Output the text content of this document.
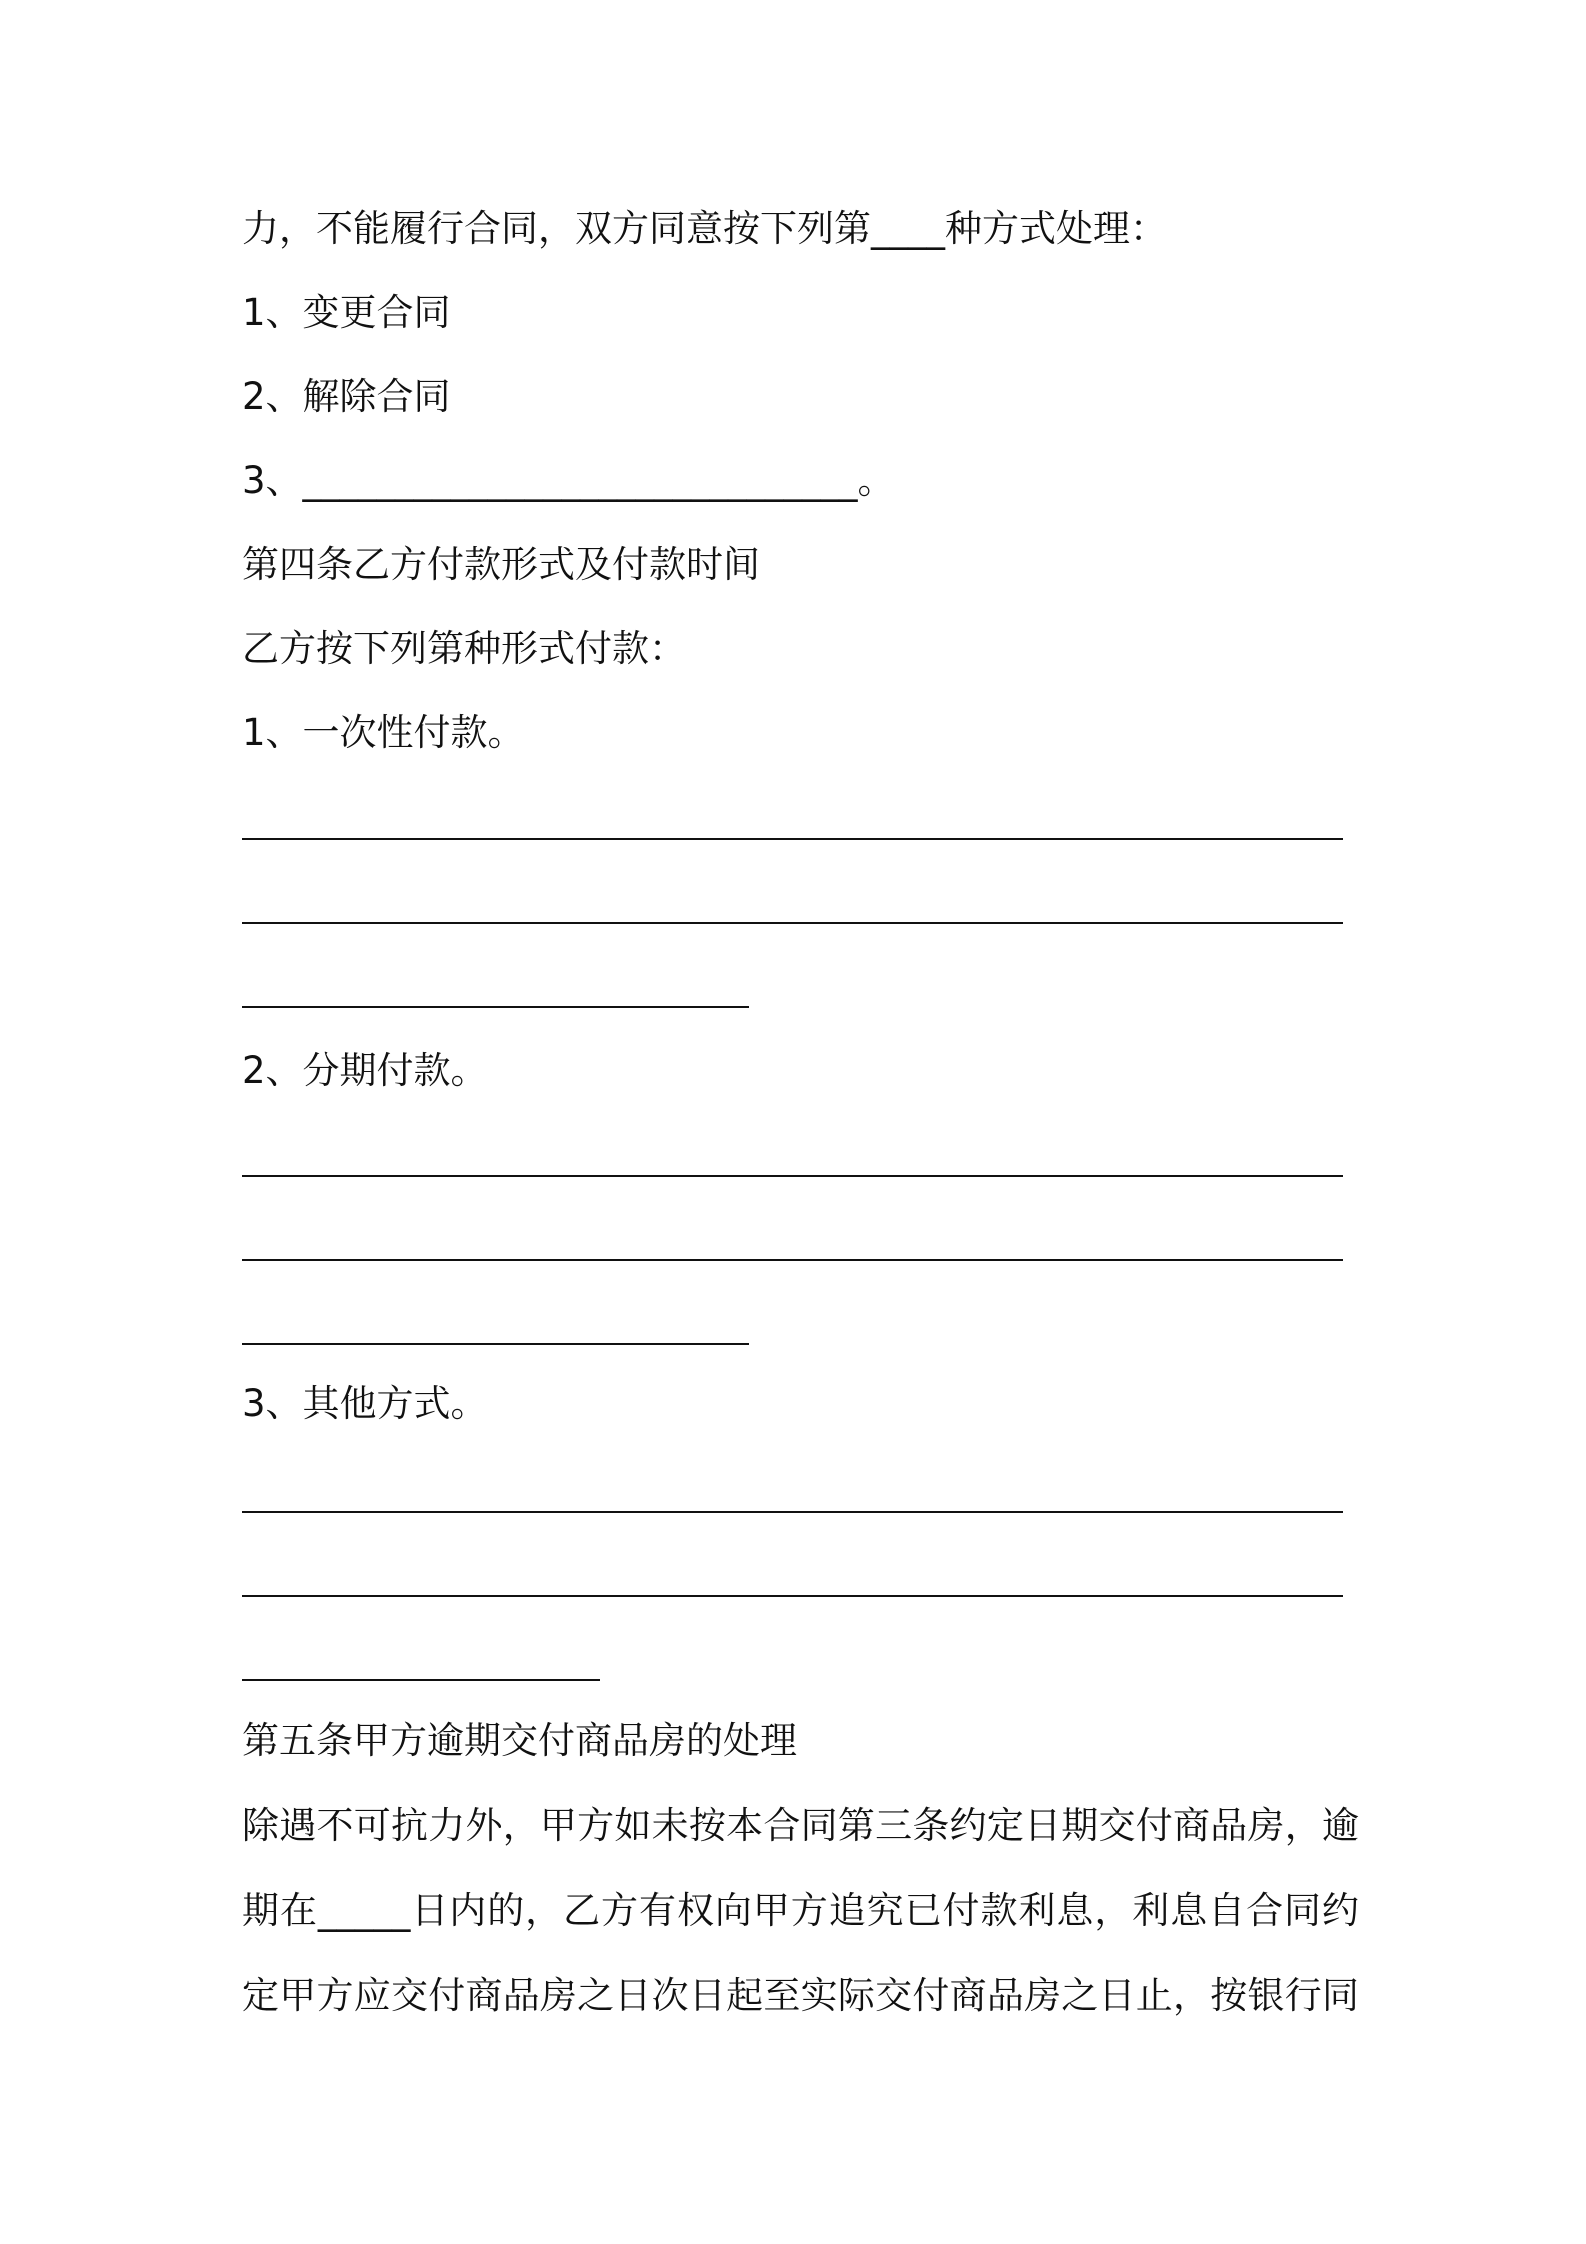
力，不能履行合同，双方同意按下列第____种方式处理：
1、变更合同
2、解除合同
3、______________________________。
第四条乙方付款形式及付款时间
乙方按下列第种形式付款：
1、一次性付款。
2、分期付款。
3、其他方式。
第五条甲方逾期交付商品房的处理
除遇不可抗力外，甲方如未按本合同第三条约定日期交付商品房，逾
期在_____日内的，乙方有权向甲方追究已付款利息，利息自合同约
定甲方应交付商品房之日次日起至实际交付商品房之日止，按银行同
